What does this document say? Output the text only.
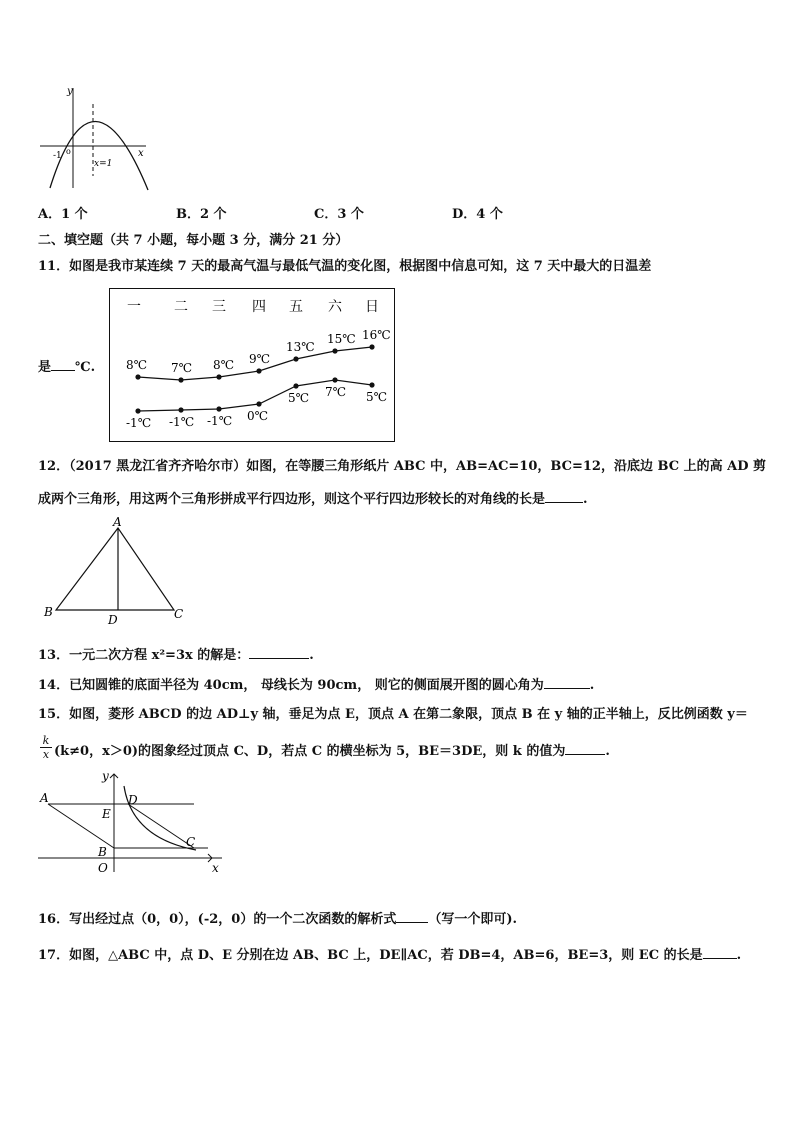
y
x
o
-1
x=1
A．1 个	B．2 个	C．3 个	D．4 个
二、填空题（共 7 小题，每小题 3 分，满分 21 分）
11．如图是我市某连续 7 天的最高气温与最低气温的变化图，根据图中信息可知，这 7 天中最大的日温差
是 ℃.
一 二 三 四 五 六 日
8℃ 7℃ 8℃ 9℃
13℃
15℃ 16℃
-1℃ -1℃ -1℃ 0℃
5℃ 7℃ 5℃
12．（2017 黑龙江省齐齐哈尔市）如图，在等腰三角形纸片 ABC 中，AB=AC=10，BC=12，沿底边 BC 上的高 AD 剪
成两个三角形，用这两个三角形拼成平行四边形，则这个平行四边形较长的对角线的长是	.
A
B	C
D
13．一元二次方程 x²=3x 的解是：	.
14．已知圆锥的底面半径为 40cm， 母线长为 90cm， 则它的侧面展开图的圆心角为	.
15．如图，菱形 ABCD 的边 AD⊥y 轴，垂足为点 E，顶点 A 在第二象限，顶点 B 在 y 轴的正半轴上，反比例函数 y＝
$\frac{k}{x} (k\ne 0$，x＞0)的图象经过顶点 C、D，若点 C 的横坐标为 5，BE＝3DE，则 k 的值为	.
y
x
A	D
E
B
C
O
16．写出经过点（0，0），(-2，0）的一个二次函数的解析式 （写一个即可).
17．如图，△ABC 中，点 D、E 分别在边 AB、BC 上，DE∥AC，若 DB=4，AB=6，BE=3，则 EC 的长是	.
